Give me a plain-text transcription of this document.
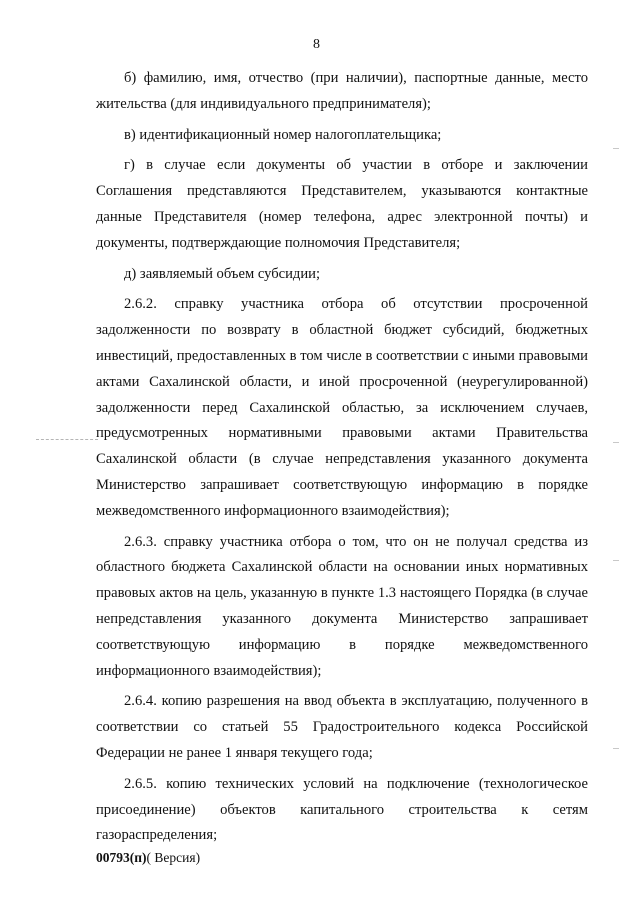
8

б) фамилию, имя, отчество (при наличии), паспортные данные, место жительства (для индивидуального предпринимателя);

в) идентификационный номер налогоплательщика;

г) в случае если документы об участии в отборе и заключении Соглашения представляются Представителем, указываются контактные данные Представителя (номер телефона, адрес электронной почты) и документы, подтверждающие полномочия Представителя;

д) заявляемый объем субсидии;

2.6.2. справку участника отбора об отсутствии просроченной задолженности по возврату в областной бюджет субсидий, бюджетных инвестиций, предоставленных в том числе в соответствии с иными правовыми актами Сахалинской области, и иной просроченной (неурегулированной) задолженности перед Сахалинской областью, за исключением случаев, предусмотренных нормативными правовыми актами Правительства Сахалинской области (в случае непредставления указанного документа Министерство запрашивает соответствующую информацию в порядке межведомственного информационного взаимодействия);

2.6.3. справку участника отбора о том, что он не получал средства из областного бюджета Сахалинской области на основании иных нормативных правовых актов на цель, указанную в пункте 1.3 настоящего Порядка (в случае непредставления указанного документа Министерство запрашивает соответствующую информацию в порядке межведомственного информационного взаимодействия);

2.6.4. копию разрешения на ввод объекта в эксплуатацию, полученного в соответствии со статьей 55 Градостроительного кодекса Российской Федерации не ранее 1 января текущего года;

2.6.5. копию технических условий на подключение (технологическое присоединение) объектов капитального строительства к сетям газораспределения;

00793(п)( Версия)
